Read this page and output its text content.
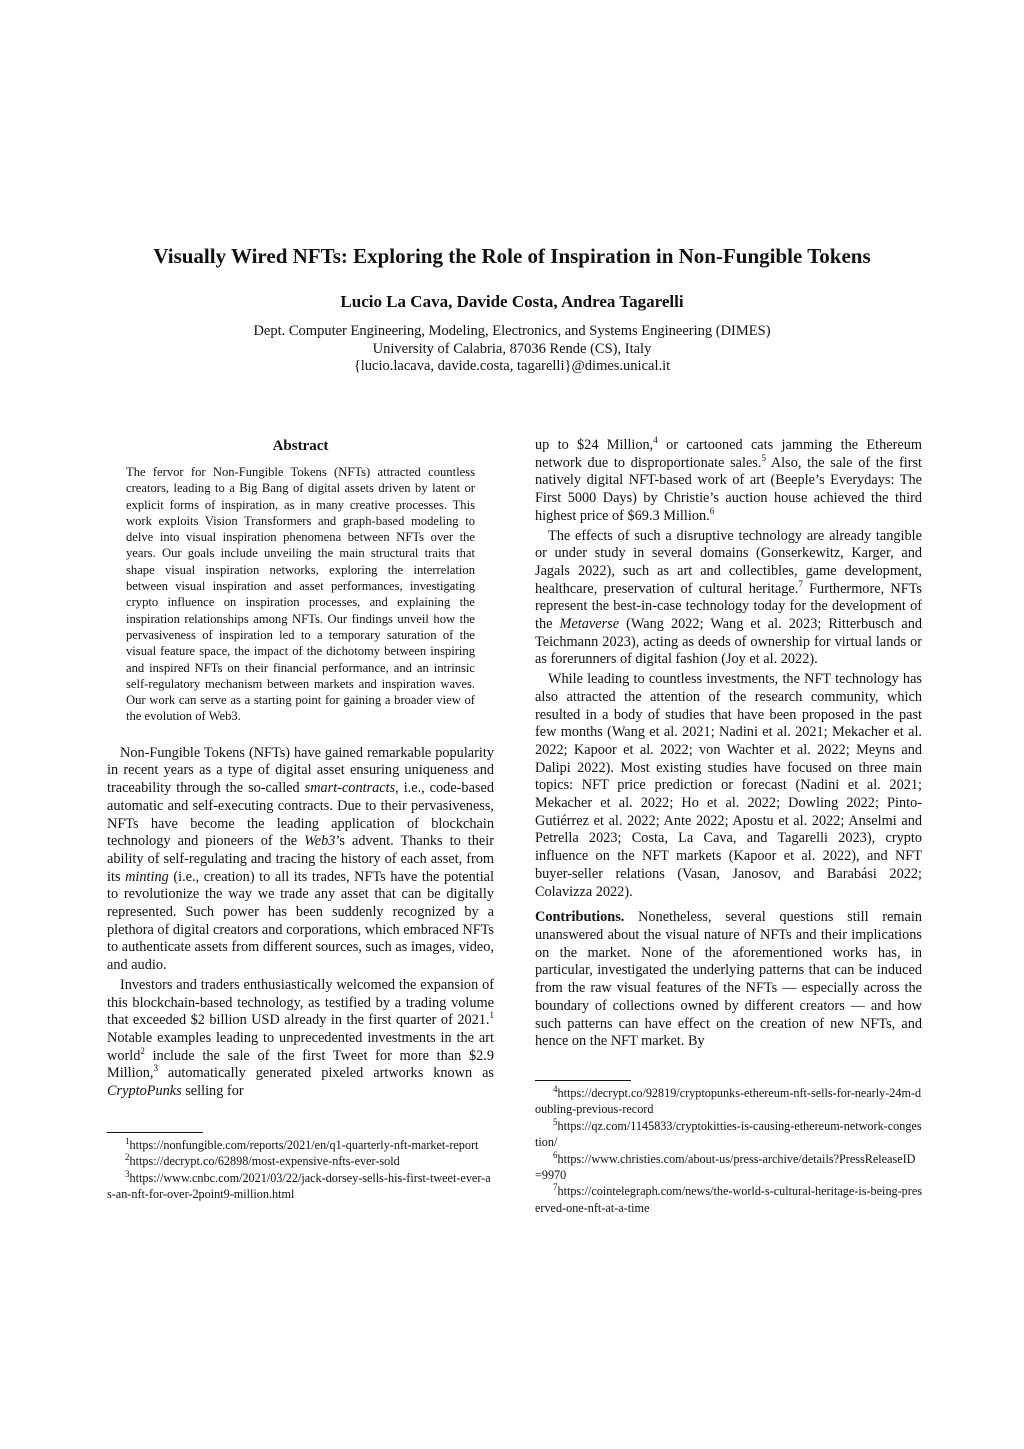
Visually Wired NFTs: Exploring the Role of Inspiration in Non-Fungible Tokens

Lucio La Cava, Davide Costa, Andrea Tagarelli

Dept. Computer Engineering, Modeling, Electronics, and Systems Engineering (DIMES)
University of Calabria, 87036 Rende (CS), Italy
{lucio.lacava, davide.costa, tagarelli}@dimes.unical.it
Abstract

The fervor for Non-Fungible Tokens (NFTs) attracted countless creators, leading to a Big Bang of digital assets driven by latent or explicit forms of inspiration, as in many creative processes. This work exploits Vision Transformers and graph-based modeling to delve into visual inspiration phenomena between NFTs over the years. Our goals include unveiling the main structural traits that shape visual inspiration networks, exploring the interrelation between visual inspiration and asset performances, investigating crypto influence on inspiration processes, and explaining the inspiration relationships among NFTs. Our findings unveil how the pervasiveness of inspiration led to a temporary saturation of the visual feature space, the impact of the dichotomy between inspiring and inspired NFTs on their financial performance, and an intrinsic self-regulatory mechanism between markets and inspiration waves. Our work can serve as a starting point for gaining a broader view of the evolution of Web3.

Non-Fungible Tokens (NFTs) have gained remarkable popularity in recent years as a type of digital asset ensuring uniqueness and traceability through the so-called smart-contracts, i.e., code-based automatic and self-executing contracts. Due to their pervasiveness, NFTs have become the leading application of blockchain technology and pioneers of the Web3’s advent. Thanks to their ability of self-regulating and tracing the history of each asset, from its minting (i.e., creation) to all its trades, NFTs have the potential to revolutionize the way we trade any asset that can be digitally represented. Such power has been suddenly recognized by a plethora of digital creators and corporations, which embraced NFTs to authenticate assets from different sources, such as images, video, and audio.

Investors and traders enthusiastically welcomed the expansion of this blockchain-based technology, as testified by a trading volume that exceeded $2 billion USD already in the first quarter of 2021.$^1$ Notable examples leading to unprecedented investments in the art world$^2$ include the sale of the first Tweet for more than $2.9 Million,$^3$ automatically generated pixeled artworks known as CryptoPunks selling for

$^1$https://nonfungible.com/reports/2021/en/q1-quarterly-nft-market-report

$^2$https://decrypt.co/62898/most-expensive-nfts-ever-sold

$^3$https://www.cnbc.com/2021/03/22/jack-dorsey-sells-his-first-tweet-ever-as-an-nft-for-over-2point9-million.html

up to $24 Million,$^4$ or cartooned cats jamming the Ethereum network due to disproportionate sales.$^5$ Also, the sale of the first natively digital NFT-based work of art (Beeple’s Everydays: The First 5000 Days) by Christie’s auction house achieved the third highest price of $69.3 Million.$^6$

The effects of such a disruptive technology are already tangible or under study in several domains (Gonserkewitz, Karger, and Jagals 2022), such as art and collectibles, game development, healthcare, preservation of cultural heritage.$^7$ Furthermore, NFTs represent the best-in-case technology today for the development of the Metaverse (Wang 2022; Wang et al. 2023; Ritterbusch and Teichmann 2023), acting as deeds of ownership for virtual lands or as forerunners of digital fashion (Joy et al. 2022).

While leading to countless investments, the NFT technology has also attracted the attention of the research community, which resulted in a body of studies that have been proposed in the past few months (Wang et al. 2021; Nadini et al. 2021; Mekacher et al. 2022; Kapoor et al. 2022; von Wachter et al. 2022; Meyns and Dalipi 2022). Most existing studies have focused on three main topics: NFT price prediction or forecast (Nadini et al. 2021; Mekacher et al. 2022; Ho et al. 2022; Dowling 2022; Pinto-Gutiérrez et al. 2022; Ante 2022; Apostu et al. 2022; Anselmi and Petrella 2023; Costa, La Cava, and Tagarelli 2023), crypto influence on the NFT markets (Kapoor et al. 2022), and NFT buyer-seller relations (Vasan, Janosov, and Barabási 2022; Colavizza 2022).

Contributions. Nonetheless, several questions still remain unanswered about the visual nature of NFTs and their implications on the market. None of the aforementioned works has, in particular, investigated the underlying patterns that can be induced from the raw visual features of the NFTs — especially across the boundary of collections owned by different creators — and how such patterns can have effect on the creation of new NFTs, and hence on the NFT market. By

$^4$https://decrypt.co/92819/cryptopunks-ethereum-nft-sells-for-nearly-24m-doubling-previous-record

$^5$https://qz.com/1145833/cryptokitties-is-causing-ethereum-network-congestion/

$^6$https://www.christies.com/about-us/press-archive/details?PressReleaseID=9970

$^7$https://cointelegraph.com/news/the-world-s-cultural-heritage-is-being-preserved-one-nft-at-a-time
